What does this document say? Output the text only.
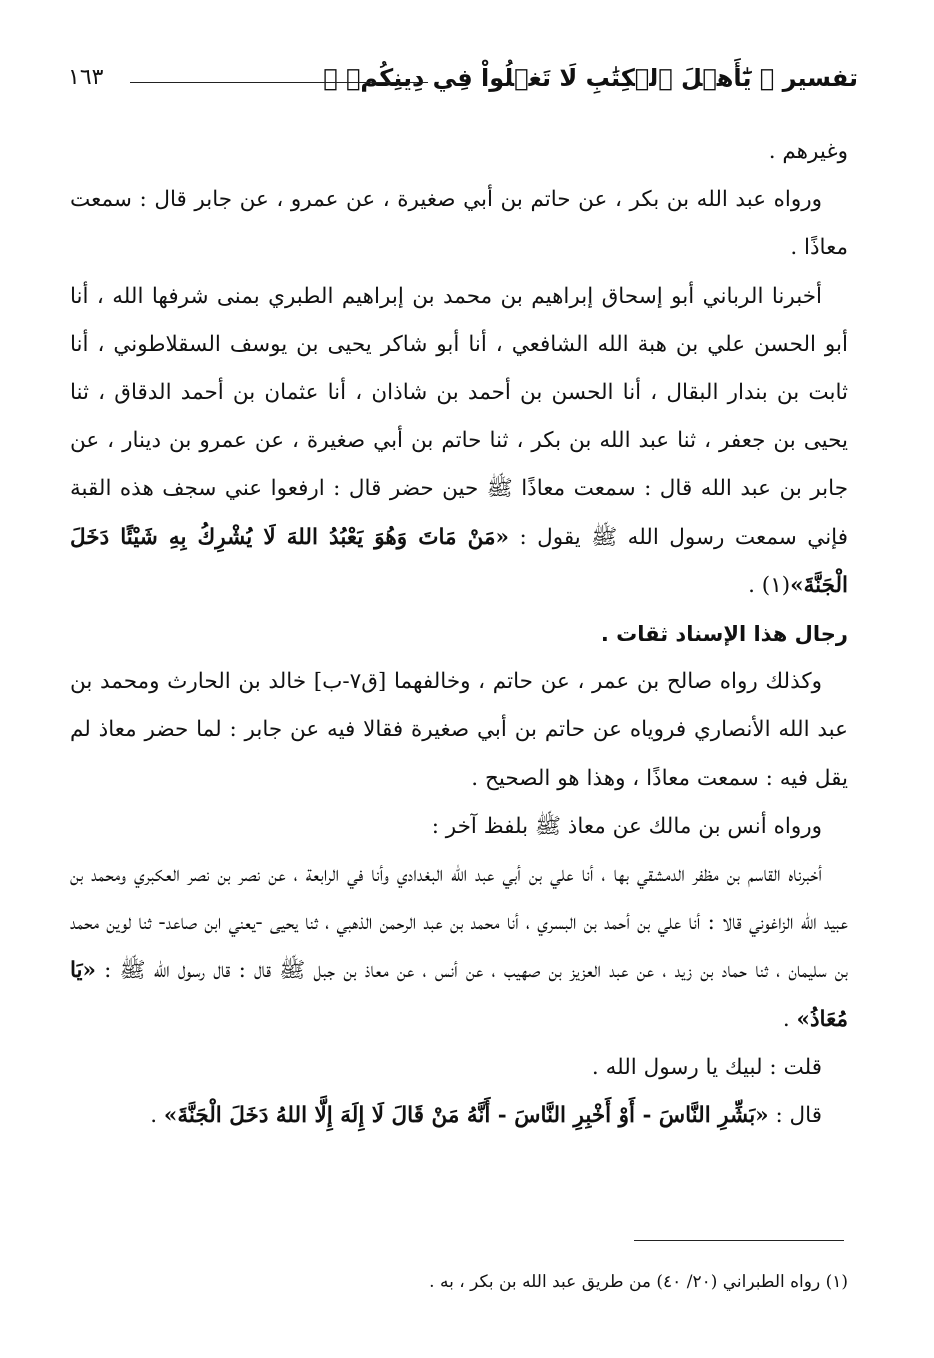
تفسير ﴿ يَٰٓأَهۡلَ ٱلۡكِتَٰبِ لَا تَغۡلُواْ فِي دِينِكُمۡ ﴾
١٦٣

وغيرهم .

ورواه عبد الله بن بكر ، عن حاتم بن أبي صغيرة ، عن عمرو ، عن جابر قال : سمعت معاذًا .

أخبرنا الرباني أبو إسحاق إبراهيم بن محمد بن إبراهيم الطبري بمنى شرفها الله ، أنا أبو الحسن علي بن هبة الله الشافعي ، أنا أبو شاكر يحيى بن يوسف السقلاطوني ، أنا ثابت بن بندار البقال ، أنا الحسن بن أحمد بن شاذان ، أنا عثمان بن أحمد الدقاق ، ثنا يحيى بن جعفر ، ثنا عبد الله بن بكر ، ثنا حاتم بن أبي صغيرة ، عن عمرو بن دينار ، عن جابر بن عبد الله قال : سمعت معاذًا ﷺ حين حضر قال : ارفعوا عني سجف هذه القبة فإني سمعت رسول الله ﷺ يقول : «مَنْ مَاتَ وَهُوَ يَعْبُدُ اللهَ لَا يُشْرِكُ بِهِ شَيْئًا دَخَلَ الْجَنَّةَ»(١) .

رجال هذا الإسناد ثقات .

وكذلك رواه صالح بن عمر ، عن حاتم ، وخالفهما [ق٧-ب] خالد بن الحارث ومحمد بن عبد الله الأنصاري فروياه عن حاتم بن أبي صغيرة فقالا فيه عن جابر : لما حضر معاذ لم يقل فيه : سمعت معاذًا ، وهذا هو الصحيح .

ورواه أنس بن مالك عن معاذ ﷺ بلفظ آخر :

أخبرناه القاسم بن مظفر الدمشقي بها ، أنا علي بن أبي عبد الله البغدادي وأنا في الرابعة ، عن نصر بن نصر العكبري ومحمد بن عبيد الله الزاغوني قالا : أنا علي بن أحمد بن البسري ، أنا محمد بن عبد الرحمن الذهبي ، ثنا يحيى -يعني ابن صاعد- ثنا لوين محمد بن سليمان ، ثنا حماد بن زيد ، عن عبد العزيز بن صهيب ، عن أنس ، عن معاذ بن جبل ﷺ قال : قال رسول الله ﷺ : «يَا مُعَاذُ» .

قلت : لبيك يا رسول الله .

قال : «بَشِّرِ النَّاسَ - أَوْ أَخْبِرِ النَّاسَ - أَنَّهُ مَنْ قَالَ لَا إِلَهَ إِلَّا اللهُ دَخَلَ الْجَنَّةَ» .

(١) رواه الطبراني (٢٠/ ٤٠) من طريق عبد الله بن بكر ، به .
